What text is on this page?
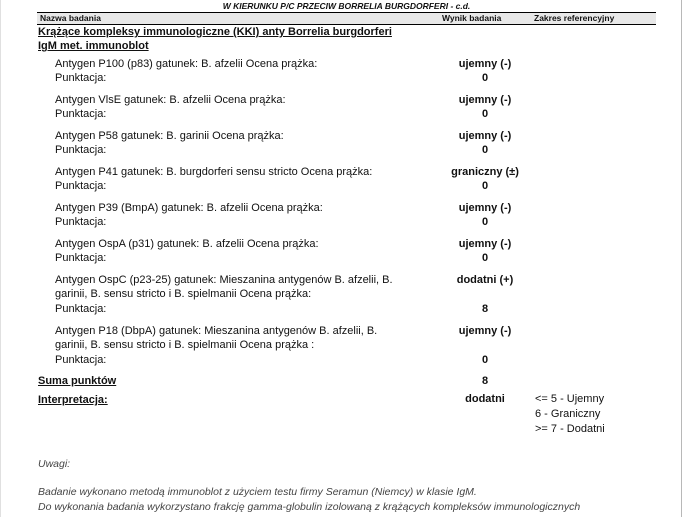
W KIERUNKU P/C PRZECIW BORRELIA BURGDORFERI - c.d.
Nazwa badania	Wynik badania	Zakres referencyjny
Krążące kompleksy immunologiczne (KKI) anty Borrelia burgdorferi
IgM met. immunoblot
Antygen P100 (p83) gatunek: B. afzelii Ocena prążka:	ujemny (-)
Punktacja:	0
Antygen VlsE gatunek: B. afzelii Ocena prążka:	ujemny (-)
Punktacja:	0
Antygen P58 gatunek: B. garinii Ocena prążka:	ujemny (-)
Punktacja:	0
Antygen P41 gatunek: B. burgdorferi sensu stricto Ocena prążka:	graniczny (±)
Punktacja:	0
Antygen P39 (BmpA) gatunek: B. afzelii Ocena prążka:	ujemny (-)
Punktacja:	0
Antygen OspA (p31) gatunek: B. afzelii Ocena prążka:	ujemny (-)
Punktacja:	0
Antygen OspC (p23-25) gatunek: Mieszanina antygenów B. afzelii, B.	dodatni (+)
garinii, B. sensu stricto i B. spielmanii Ocena prążka:
Punktacja:	8
Antygen P18 (DbpA) gatunek: Mieszanina antygenów B. afzelii, B.	ujemny (-)
garinii, B. sensu stricto i B. spielmanii Ocena prążka :
Punktacja:	0
Suma punktów	8
Interpretacja:	dodatni	<= 5 - Ujemny
6 - Graniczny
>= 7 - Dodatni
Uwagi:
Badanie wykonano metodą immunoblot z użyciem testu firmy Seramun (Niemcy) w klasie IgM.
Do wykonania badania wykorzystano frakcję gamma-globulin izolowaną z krążących kompleksów immunologicznych
